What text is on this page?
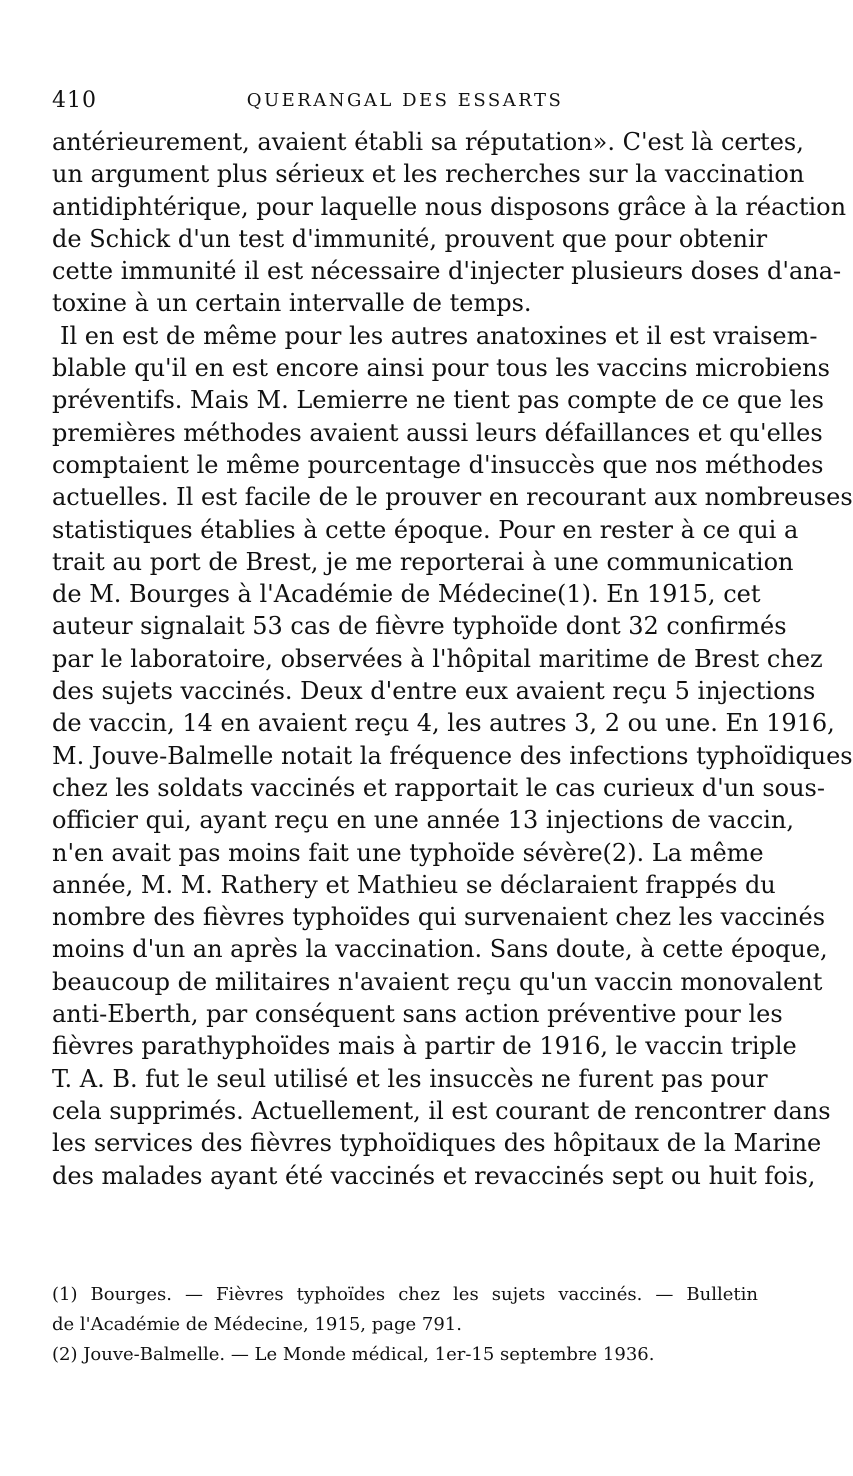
410	QUERANGAL DES ESSARTS
antérieurement, avaient établi sa réputation». C'est là certes,
un argument plus sérieux et les recherches sur la vaccination
antidiphtérique, pour laquelle nous disposons grâce à la réaction
de Schick d'un test d'immunité, prouvent que pour obtenir
cette immunité il est nécessaire d'injecter plusieurs doses d'ana-
toxine à un certain intervalle de temps.
Il en est de même pour les autres anatoxines et il est vraisem-
blable qu'il en est encore ainsi pour tous les vaccins microbiens
préventifs. Mais M. Lemierre ne tient pas compte de ce que les
premières méthodes avaient aussi leurs défaillances et qu'elles
comptaient le même pourcentage d'insuccès que nos méthodes
actuelles. Il est facile de le prouver en recourant aux nombreuses
statistiques établies à cette époque. Pour en rester à ce qui a
trait au port de Brest, je me reporterai à une communication
de M. Bourges à l'Académie de Médecine(1). En 1915, cet
auteur signalait 53 cas de fièvre typhoïde dont 32 confirmés
par le laboratoire, observées à l'hôpital maritime de Brest chez
des sujets vaccinés. Deux d'entre eux avaient reçu 5 injections
de vaccin, 14 en avaient reçu 4, les autres 3, 2 ou une. En 1916,
M. Jouve-Balmelle notait la fréquence des infections typhoïdiques
chez les soldats vaccinés et rapportait le cas curieux d'un sous-
officier qui, ayant reçu en une année 13 injections de vaccin,
n'en avait pas moins fait une typhoïde sévère(2). La même
année, M. M. Rathery et Mathieu se déclaraient frappés du
nombre des fièvres typhoïdes qui survenaient chez les vaccinés
moins d'un an après la vaccination. Sans doute, à cette époque,
beaucoup de militaires n'avaient reçu qu'un vaccin monovalent
anti-Eberth, par conséquent sans action préventive pour les
fièvres parathyphoïdes mais à partir de 1916, le vaccin triple
T. A. B. fut le seul utilisé et les insuccès ne furent pas pour
cela supprimés. Actuellement, il est courant de rencontrer dans
les services des fièvres typhoïdiques des hôpitaux de la Marine
des malades ayant été vaccinés et revaccinés sept ou huit fois,
(1) Bourges. — Fièvres typhoïdes chez les sujets vaccinés. — Bulletin
de l'Académie de Médecine, 1915, page 791.
(2) Jouve-Balmelle. — Le Monde médical, 1er-15 septembre 1936.
